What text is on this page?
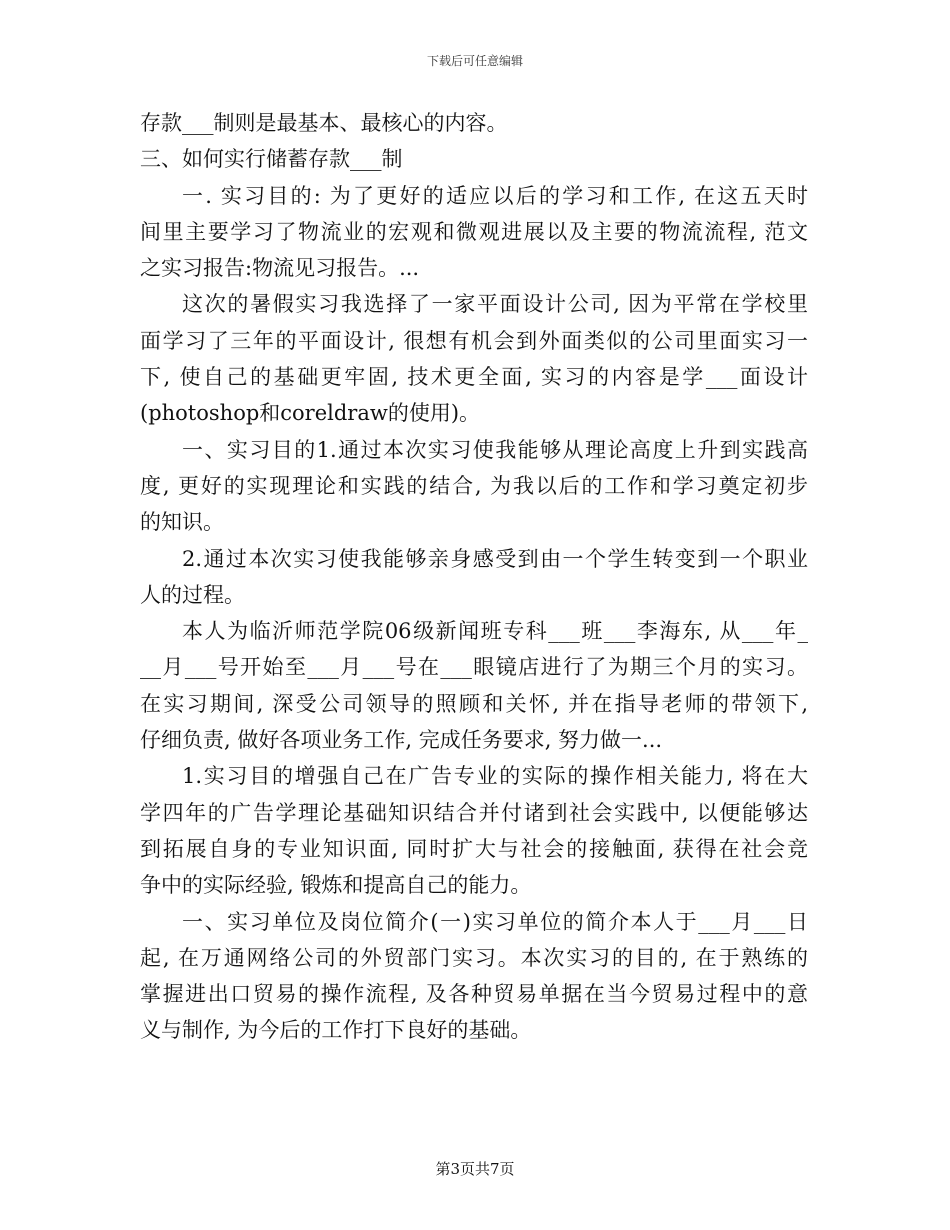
下载后可任意编辑
存款___制则是最基本、最核心的内容。
三、如何实行储蓄存款___制
一. 实习目的: 为了更好的适应以后的学习和工作, 在这五天时
间里主要学习了物流业的宏观和微观进展以及主要的物流流程, 范文
之实习报告:物流见习报告。...
这次的暑假实习我选择了一家平面设计公司, 因为平常在学校里
面学习了三年的平面设计, 很想有机会到外面类似的公司里面实习一
下, 使自己的基础更牢固, 技术更全面, 实习的内容是学___面设计
(photoshop和coreldraw的使用)。
一、实习目的1.通过本次实习使我能够从理论高度上升到实践高
度, 更好的实现理论和实践的结合, 为我以后的工作和学习奠定初步
的知识。
2.通过本次实习使我能够亲身感受到由一个学生转变到一个职业
人的过程。
本人为临沂师范学院06级新闻班专科___班___李海东, 从___年_
__月___号开始至___月___号在___眼镜店进行了为期三个月的实习。
在实习期间, 深受公司领导的照顾和关怀, 并在指导老师的带领下,
仔细负责, 做好各项业务工作, 完成任务要求, 努力做一...
1.实习目的增强自己在广告专业的实际的操作相关能力, 将在大
学四年的广告学理论基础知识结合并付诸到社会实践中, 以便能够达
到拓展自身的专业知识面, 同时扩大与社会的接触面, 获得在社会竞
争中的实际经验, 锻炼和提高自己的能力。
一、实习单位及岗位简介(一)实习单位的简介本人于___月___日
起, 在万通网络公司的外贸部门实习。本次实习的目的, 在于熟练的
掌握进出口贸易的操作流程, 及各种贸易单据在当今贸易过程中的意
义与制作, 为今后的工作打下良好的基础。
第3页共7页
